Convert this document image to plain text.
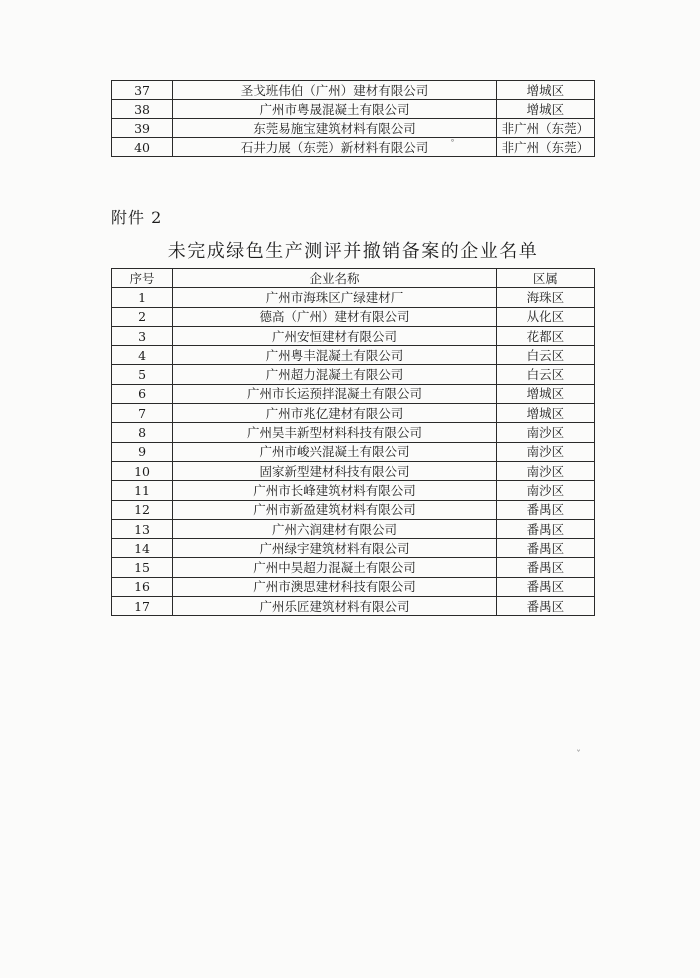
37	圣戈班伟伯（广州）建材有限公司	增城区
38	广州市粤晟混凝土有限公司	增城区
39	东莞易施宝建筑材料有限公司	非广州（东莞）
40	石井力展（东莞）新材料有限公司	非广州（东莞）
附件 2
未完成绿色生产测评并撤销备案的企业名单
序号	企业名称	区属
1	广州市海珠区广绿建材厂	海珠区
2	德高（广州）建材有限公司	从化区
3	广州安恒建材有限公司	花都区
4	广州粤丰混凝土有限公司	白云区
5	广州超力混凝土有限公司	白云区
6	广州市长运预拌混凝土有限公司	增城区
7	广州市兆亿建材有限公司	增城区
8	广州昊丰新型材料科技有限公司	南沙区
9	广州市峻兴混凝土有限公司	南沙区
10	固家新型建材科技有限公司	南沙区
11	广州市长峰建筑材料有限公司	南沙区
12	广州市新盈建筑材料有限公司	番禺区
13	广州六润建材有限公司	番禺区
14	广州绿宇建筑材料有限公司	番禺区
15	广州中昊超力混凝土有限公司	番禺区
16	广州市澳思建材科技有限公司	番禺区
17	广州乐匠建筑材料有限公司	番禺区
˚
ˇ
